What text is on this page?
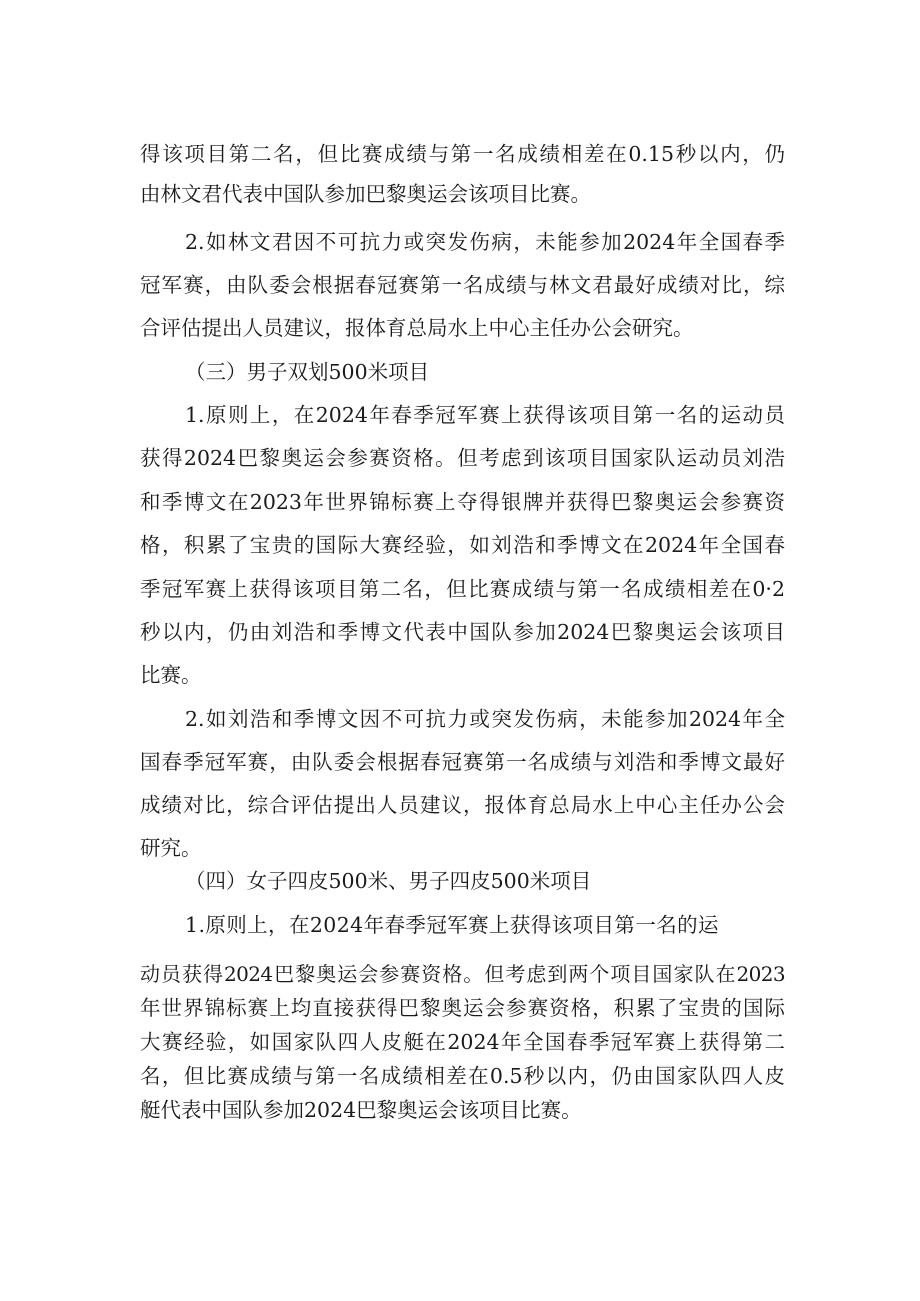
得该项目第二名，但比赛成绩与第一名成绩相差在0.15秒以内，仍
由林文君代表中国队参加巴黎奥运会该项目比赛。
2.如林文君因不可抗力或突发伤病，未能参加2024年全国春季
冠军赛，由队委会根据春冠赛第一名成绩与林文君最好成绩对比，综
合评估提出人员建议，报体育总局水上中心主任办公会研究。
（三）男子双划500米项目
1.原则上，在2024年春季冠军赛上获得该项目第一名的运动员
获得2024巴黎奥运会参赛资格。但考虑到该项目国家队运动员刘浩
和季博文在2023年世界锦标赛上夺得银牌并获得巴黎奥运会参赛资
格，积累了宝贵的国际大赛经验，如刘浩和季博文在2024年全国春
季冠军赛上获得该项目第二名，但比赛成绩与第一名成绩相差在0·2
秒以内，仍由刘浩和季博文代表中国队参加2024巴黎奥运会该项目
比赛。
2.如刘浩和季博文因不可抗力或突发伤病，未能参加2024年全
国春季冠军赛，由队委会根据春冠赛第一名成绩与刘浩和季博文最好
成绩对比，综合评估提出人员建议，报体育总局水上中心主任办公会
研究。
（四）女子四皮500米、男子四皮500米项目
1.原则上，在2024年春季冠军赛上获得该项目第一名的运
动员获得2024巴黎奥运会参赛资格。但考虑到两个项目国家队在2023
年世界锦标赛上均直接获得巴黎奥运会参赛资格，积累了宝贵的国际
大赛经验，如国家队四人皮艇在2024年全国春季冠军赛上获得第二
名，但比赛成绩与第一名成绩相差在0.5秒以内，仍由国家队四人皮
艇代表中国队参加2024巴黎奥运会该项目比赛。
